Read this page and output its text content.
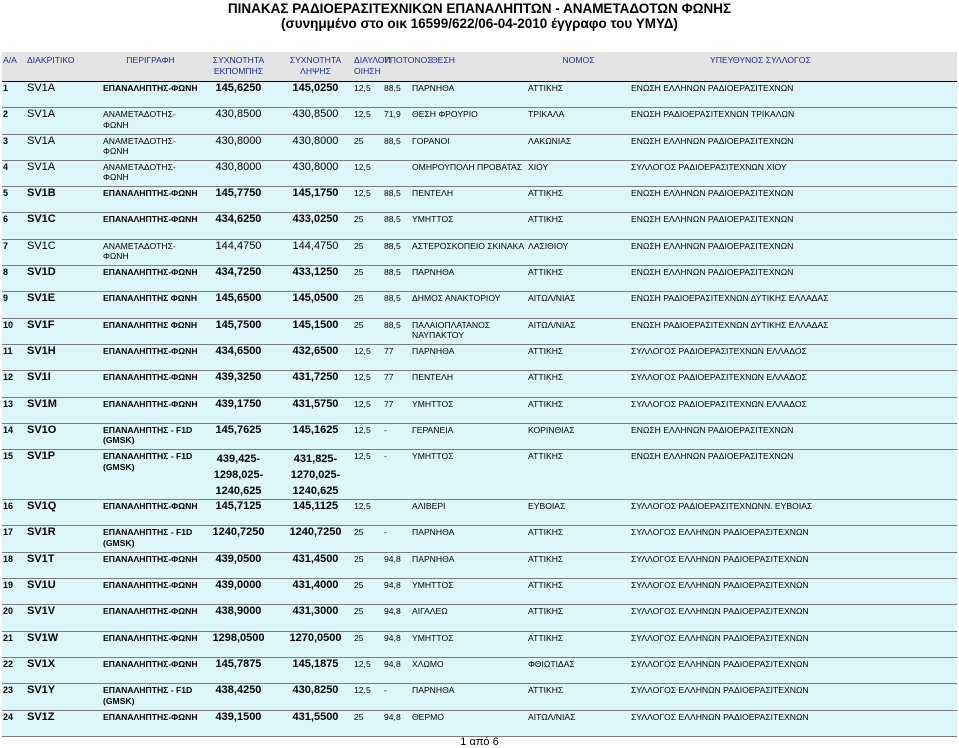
ΠΙΝΑΚΑΣ ΡΑΔΙΟΕΡΑΣΙΤΕΧΝΙΚΩΝ ΕΠΑΝΑΛΗΠΤΩΝ - ΑΝΑΜΕΤΑΔΟΤΩΝ ΦΩΝΗΣ
(συνημμένο στο οικ 16599/622/06-04-2010 έγγραφο του ΥΜΥΔ)
Α/Α	ΔΙΑΚΡΙΤΙΚΟ	ΠΕΡΙΓΡΑΦΗ	ΣΥΧΝΟΤΗΤΑ ΕΚΠΟΜΠΗΣ	ΣΥΧΝΟΤΗΤΑ ΛΗΨΗΣ	ΔΙΑΥΛΟΠ ΟΙΗΣΗ	ΥΠΟΤΟΝΟΣ	ΘΕΣΗ	ΝΟΜΟΣ	ΥΠΕΥΘΥΝΟΣ ΣΥΛΛΟΓΟΣ
1	SV1A	ΕΠΑΝΑΛΗΠΤΗΣ-ΦΩΝΗ	145,6250	145,0250	12,5	88,5	ΠΑΡΝΗΘΑ	ΑΤΤΙΚΗΣ	ΕΝΩΣΗ ΕΛΛΗΝΩΝ ΡΑΔΙΟΕΡΑΣΙΤΕΧΝΩΝ
2	SV1A	ΑΝΑΜΕΤΑΔΟΤΗΣ-ΦΩΝΗ	430,8500	430,8500	12,5	71,9	ΘΕΣΗ ΦΡΟΥΡΙΟ	ΤΡΙΚΑΛΑ	ΕΝΩΣΗ ΡΑΔΙΟΕΡΑΣΙΤΕΧΝΩΝ ΤΡΙΚΑΛΩΝ
3	SV1A	ΑΝΑΜΕΤΑΔΟΤΗΣ-ΦΩΝΗ	430,8000	430,8000	25	88,5	ΓΟΡΑΝΟΙ	ΛΑΚΩΝΙΑΣ	ΕΝΩΣΗ ΕΛΛΗΝΩΝ ΡΑΔΙΟΕΡΑΣΙΤΕΧΝΩΝ
4	SV1A	ΑΝΑΜΕΤΑΔΟΤΗΣ-ΦΩΝΗ	430,8000	430,8000	12,5		ΟΜΗΡΟΥΠΟΛΗ ΠΡΟΒΑΤΑΣ	ΧΙΟΥ	ΣΥΛΛΟΓΟΣ ΡΑΔΙΟΕΡΑΣΙΤΕΧΝΩΝ ΧΙΟΥ
5	SV1B	ΕΠΑΝΑΛΗΠΤΗΣ-ΦΩΝΗ	145,7750	145,1750	12,5	88,5	ΠΕΝΤΕΛΗ	ΑΤΤΙΚΗΣ	ΕΝΩΣΗ ΕΛΛΗΝΩΝ ΡΑΔΙΟΕΡΑΣΙΤΕΧΝΩΝ
6	SV1C	ΕΠΑΝΑΛΗΠΤΗΣ-ΦΩΝΗ	434,6250	433,0250	25	88,5	ΥΜΗΤΤΟΣ	ΑΤΤΙΚΗΣ	ΕΝΩΣΗ ΕΛΛΗΝΩΝ ΡΑΔΙΟΕΡΑΣΙΤΕΧΝΩΝ
7	SV1C	ΑΝΑΜΕΤΑΔΟΤΗΣ-ΦΩΝΗ	144,4750	144,4750	25	88,5	ΑΣΤΕΡΟΣΚΟΠΕΙΟ ΣΚΙΝΑΚΑ	ΛΑΣΙΘΙΟΥ	ΕΝΩΣΗ ΕΛΛΗΝΩΝ ΡΑΔΙΟΕΡΑΣΙΤΕΧΝΩΝ
8	SV1D	ΕΠΑΝΑΛΗΠΤΗΣ-ΦΩΝΗ	434,7250	433,1250	25	88,5	ΠΑΡΝΗΘΑ	ΑΤΤΙΚΗΣ	ΕΝΩΣΗ ΕΛΛΗΝΩΝ ΡΑΔΙΟΕΡΑΣΙΤΕΧΝΩΝ
9	SV1E	ΕΠΑΝΑΛΗΠΤΗΣ ΦΩΝΗ	145,6500	145,0500	25	88,5	ΔΗΜΟΣ ΑΝΑΚΤΟΡΙΟΥ	ΑΙΤΩΛ/ΝΙΑΣ	ΕΝΩΣΗ ΡΑΔΙΟΕΡΑΣΙΤΕΧΝΩΝ ΔΥΤΙΚΗΣ ΕΛΛΑΔΑΣ
10	SV1F	ΕΠΑΝΑΛΗΠΤΗΣ ΦΩΝΗ	145,7500	145,1500	25	88,5	ΠΑΛΑΙΟΠΛΑΤΑΝΟΣ ΝΑΥΠΑΚΤΟΥ	ΑΙΤΩΛ/ΝΙΑΣ	ΕΝΩΣΗ ΡΑΔΙΟΕΡΑΣΙΤΕΧΝΩΝ ΔΥΤΙΚΗΣ ΕΛΛΑΔΑΣ
11	SV1H	ΕΠΑΝΑΛΗΠΤΗΣ-ΦΩΝΗ	434,6500	432,6500	12,5	77	ΠΑΡΝΗΘΑ	ΑΤΤΙΚΗΣ	ΣΥΛΛΟΓΟΣ ΡΑΔΙΟΕΡΑΣΙΤΕΧΝΩΝ ΕΛΛΑΔΟΣ
12	SV1I	ΕΠΑΝΑΛΗΠΤΗΣ-ΦΩΝΗ	439,3250	431,7250	12,5	77	ΠΕΝΤΕΛΗ	ΑΤΤΙΚΗΣ	ΣΥΛΛΟΓΟΣ ΡΑΔΙΟΕΡΑΣΙΤΕΧΝΩΝ ΕΛΛΑΔΟΣ
13	SV1M	ΕΠΑΝΑΛΗΠΤΗΣ-ΦΩΝΗ	439,1750	431,5750	12,5	77	ΥΜΗΤΤΟΣ	ΑΤΤΙΚΗΣ	ΣΥΛΛΟΓΟΣ ΡΑΔΙΟΕΡΑΣΙΤΕΧΝΩΝ ΕΛΛΑΔΟΣ
14	SV1O	ΕΠΑΝΑΛΗΠΤΗΣ - F1D (GMSK)	145,7625	145,1625	12,5	-	ΓΕΡΑΝΕΙΑ	ΚΟΡΙΝΘΙΑΣ	ΕΝΩΣΗ ΕΛΛΗΝΩΝ ΡΑΔΙΟΕΡΑΣΙΤΕΧΝΩΝ
15	SV1P	ΕΠΑΝΑΛΗΠΤΗΣ - F1D (GMSK)	439,425- 1298,025- 1240,625	431,825- 1270,025- 1240,625	12,5	-	ΥΜΗΤΤΟΣ	ΑΤΤΙΚΗΣ	ΕΝΩΣΗ ΕΛΛΗΝΩΝ ΡΑΔΙΟΕΡΑΣΙΤΕΧΝΩΝ
16	SV1Q	ΕΠΑΝΑΛΗΠΤΗΣ-ΦΩΝΗ	145,7125	145,1125	12,5		ΑΛΙΒΕΡΙ	ΕΥΒΟΙΑΣ	ΣΥΛΛΟΓΟΣ ΡΑΔΙΟΕΡΑΣΙΤΕΧΝΩΝΝ. ΕΥΒΟΙΑΣ
17	SV1R	ΕΠΑΝΑΛΗΠΤΗΣ - F1D (GMSK)	1240,7250	1240,7250	25	-	ΠΑΡΝΗΘΑ	ΑΤΤΙΚΗΣ	ΣΥΛΛΟΓΟΣ ΕΛΛΗΝΩΝ ΡΑΔΙΟΕΡΑΣΙΤΕΧΝΩΝ
18	SV1T	ΕΠΑΝΑΛΗΠΤΗΣ-ΦΩΝΗ	439,0500	431,4500	25	94,8	ΠΑΡΝΗΘΑ	ΑΤΤΙΚΗΣ	ΣΥΛΛΟΓΟΣ ΕΛΛΗΝΩΝ ΡΑΔΙΟΕΡΑΣΙΤΕΧΝΩΝ
19	SV1U	ΕΠΑΝΑΛΗΠΤΗΣ-ΦΩΝΗ	439,0000	431,4000	25	94,8	ΥΜΗΤΤΟΣ	ΑΤΤΙΚΗΣ	ΣΥΛΛΟΓΟΣ ΕΛΛΗΝΩΝ ΡΑΔΙΟΕΡΑΣΙΤΕΧΝΩΝ
20	SV1V	ΕΠΑΝΑΛΗΠΤΗΣ-ΦΩΝΗ	438,9000	431,3000	25	94,8	ΑΙΓΑΛΕΩ	ΑΤΤΙΚΗΣ	ΣΥΛΛΟΓΟΣ ΕΛΛΗΝΩΝ ΡΑΔΙΟΕΡΑΣΙΤΕΧΝΩΝ
21	SV1W	ΕΠΑΝΑΛΗΠΤΗΣ-ΦΩΝΗ	1298,0500	1270,0500	25	94,8	ΥΜΗΤΤΟΣ	ΑΤΤΙΚΗΣ	ΣΥΛΛΟΓΟΣ ΕΛΛΗΝΩΝ ΡΑΔΙΟΕΡΑΣΙΤΕΧΝΩΝ
22	SV1X	ΕΠΑΝΑΛΗΠΤΗΣ-ΦΩΝΗ	145,7875	145,1875	12,5	94,8	ΧΛΩΜΟ	ΦΘΙΩΤΙΔΑΣ	ΣΥΛΛΟΓΟΣ ΕΛΛΗΝΩΝ ΡΑΔΙΟΕΡΑΣΙΤΕΧΝΩΝ
23	SV1Y	ΕΠΑΝΑΛΗΠΤΗΣ - F1D (GMSK)	438,4250	430,8250	12,5	-	ΠΑΡΝΗΘΑ	ΑΤΤΙΚΗΣ	ΣΥΛΛΟΓΟΣ ΕΛΛΗΝΩΝ ΡΑΔΙΟΕΡΑΣΙΤΕΧΝΩΝ
24	SV1Z	ΕΠΑΝΑΛΗΠΤΗΣ-ΦΩΝΗ	439,1500	431,5500	25	94,8	ΘΕΡΜΟ	ΑΙΤΩΛ/ΝΙΑΣ	ΣΥΛΛΟΓΟΣ ΕΛΛΗΝΩΝ ΡΑΔΙΟΕΡΑΣΙΤΕΧΝΩΝ
1 από 6
